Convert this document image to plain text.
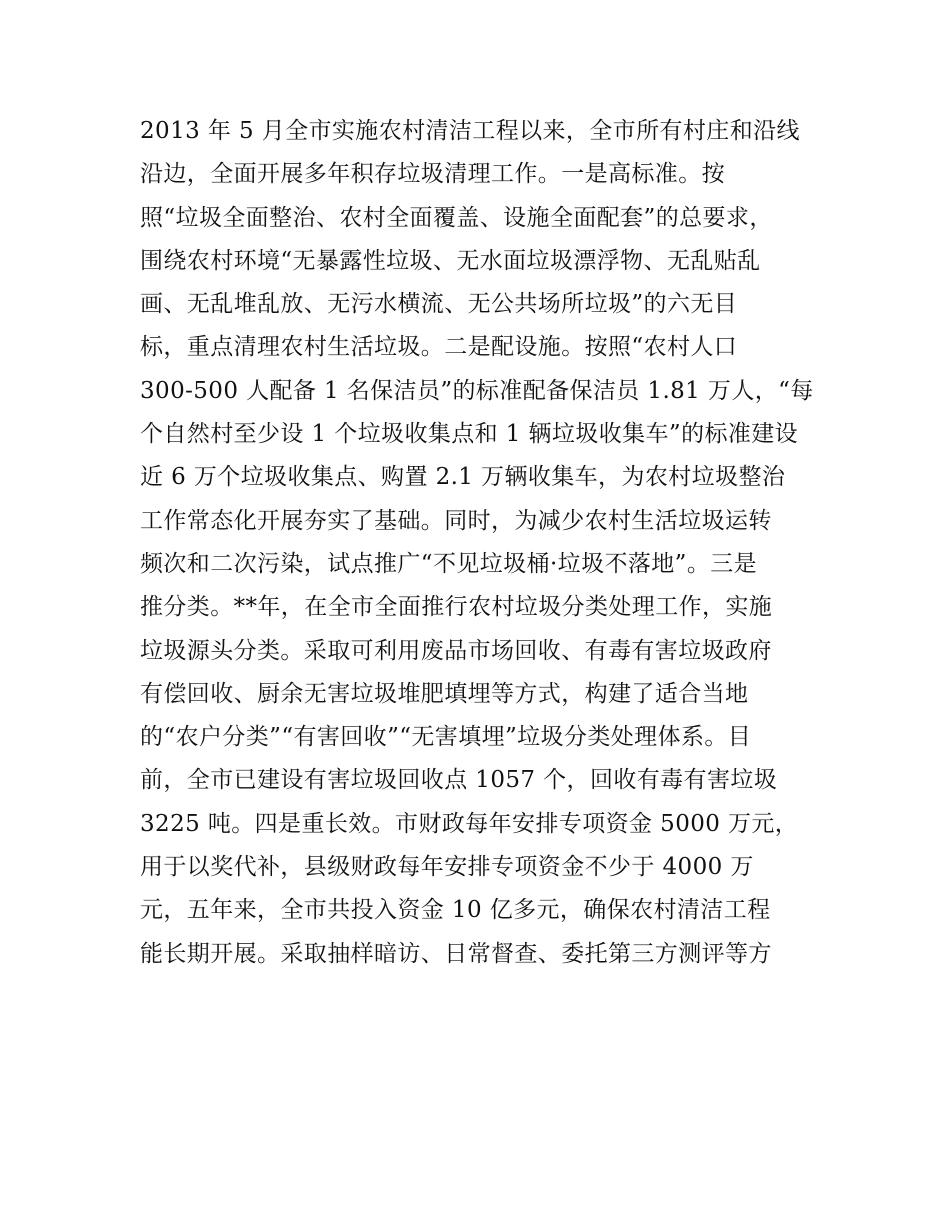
2013 年 5 月全市实施农村清洁工程以来，全市所有村庄和沿线
沿边，全面开展多年积存垃圾清理工作。一是高标准。按
照“垃圾全面整治、农村全面覆盖、设施全面配套”的总要求，
围绕农村环境“无暴露性垃圾、无水面垃圾漂浮物、无乱贴乱
画、无乱堆乱放、无污水横流、无公共场所垃圾”的六无目
标，重点清理农村生活垃圾。二是配设施。按照“农村人口
300-500 人配备 1 名保洁员”的标准配备保洁员 1.81 万人，“每
个自然村至少设 1 个垃圾收集点和 1 辆垃圾收集车”的标准建设
近 6 万个垃圾收集点、购置 2.1 万辆收集车，为农村垃圾整治
工作常态化开展夯实了基础。同时，为减少农村生活垃圾运转
频次和二次污染，试点推广“不见垃圾桶·垃圾不落地”。三是
推分类。**年，在全市全面推行农村垃圾分类处理工作，实施
垃圾源头分类。采取可利用废品市场回收、有毒有害垃圾政府
有偿回收、厨余无害垃圾堆肥填埋等方式，构建了适合当地
的“农户分类”“有害回收”“无害填埋”垃圾分类处理体系。目
前，全市已建设有害垃圾回收点 1057 个，回收有毒有害垃圾
3225 吨。四是重长效。市财政每年安排专项资金 5000 万元，
用于以奖代补，县级财政每年安排专项资金不少于 4000 万
元，五年来，全市共投入资金 10 亿多元，确保农村清洁工程
能长期开展。采取抽样暗访、日常督查、委托第三方测评等方
